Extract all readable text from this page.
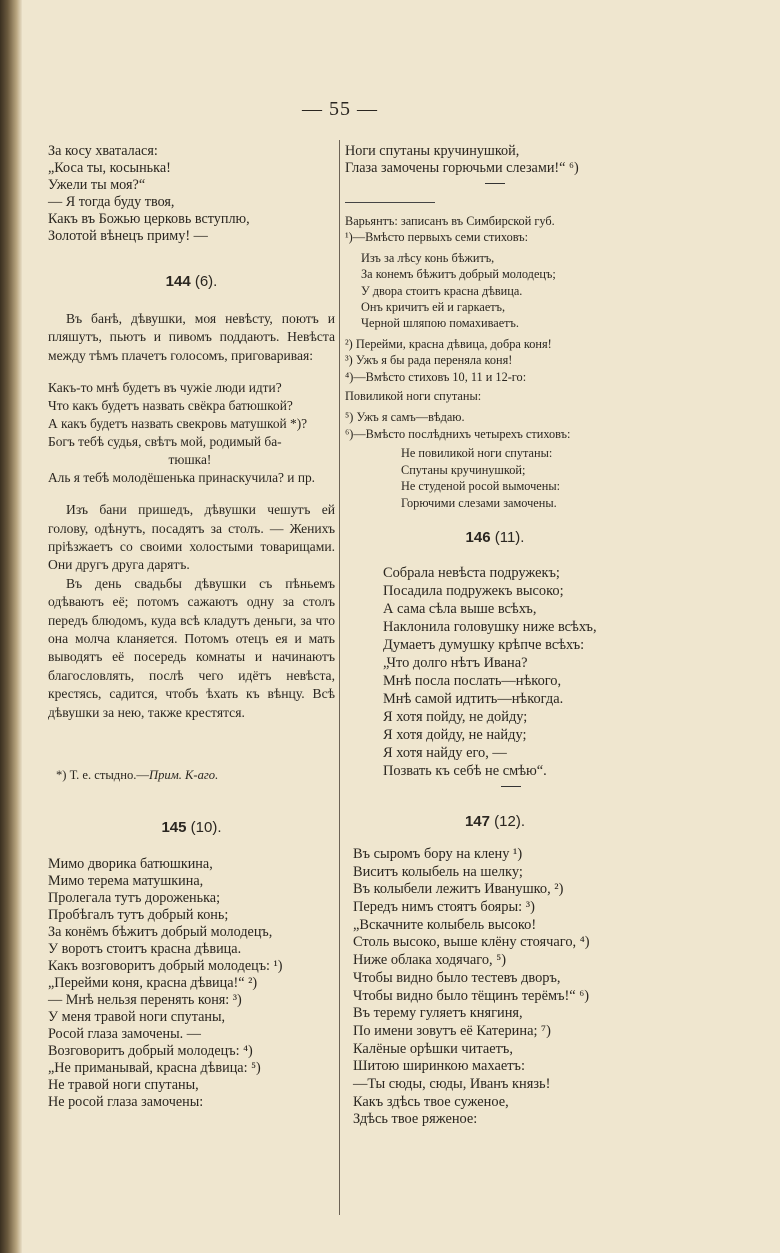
— 55 —
За косу хваталася:
„Коса ты, косынька!
Ужели ты моя?“
— Я тогда буду твоя,
Какъ въ Божью церковь вступлю,
Золотой вѣнецъ приму! —
144 (6).

Въ банѣ, дѣвушки, моя невѣсту, поютъ и пляшутъ, пьютъ и пивомъ поддаютъ. Невѣста между тѣмъ плачетъ голосомъ, приговаривая:

Какъ-то мнѣ будетъ въ чужіе люди идти?
Что какъ будетъ назвать свёкра батюшкой?
А какъ будетъ назвать свекровь матушкой *)?
Богъ тебѣ судья, свѣтъ мой, родимый ба-
тюшка!
Аль я тебѣ молодёшенька принаскучила? и пр.

Изъ бани пришедъ, дѣвушки чешутъ ей голову, одѣнутъ, посадятъ за столъ. — Женихъ пріѣзжаетъ со своими холостыми товарищами. Они другъ друга дарятъ.

Въ день свадьбы дѣвушки съ пѣньемъ одѣваютъ её; потомъ сажаютъ одну за столъ передъ блюдомъ, куда всѣ кладутъ деньги, за что она молча кланяется. Потомъ отецъ ея и мать выводятъ её посередь комнаты и начинаютъ благословлять, послѣ чего идётъ невѣста, крестясь, садится, чтобъ ѣхать къ вѣнцу. Всѣ дѣвушки за нею, также крестятся.

*) Т. е. стыдно.—Прим. К-аго.
145 (10).
Мимо дворика батюшкина,
Мимо терема матушкина,
Пролегала тутъ дороженька;
Пробѣгалъ тутъ добрый конь;
За конёмъ бѣжитъ добрый молодецъ,
У воротъ стоитъ красна дѣвица.
Какъ возговоритъ добрый молодецъ: ¹)
„Перейми коня, красна дѣвица!“ ²)
— Мнѣ нельзя перенять коня: ³)
У меня травой ноги спутаны,
Росой глаза замочены. —
Возговоритъ добрый молодецъ: ⁴)
„Не приманывай, красна дѣвица: ⁵)
Не травой ноги спутаны,
Не росой глаза замочены:
Ноги спутаны кручинушкой,
Глаза замочены горючьми слезами!“ ⁶)

Варьянтъ: записанъ въ Симбирской губ.

¹)—Вмѣсто первыхъ семи стиховъ:

Изъ за лѣсу конь бѣжитъ,
За конемъ бѣжитъ добрый молодецъ;
У двора стоитъ красна дѣвица.
Онъ кричитъ ей и гаркаетъ,
Черной шляпою помахиваетъ.

²) Перейми, красна дѣвица, добра коня!

³) Ужъ я бы рада переняла коня!

⁴)—Вмѣсто стиховъ 10, 11 и 12-го:

Повиликой ноги спутаны:

⁵) Ужъ я самъ—вѣдаю.

⁶)—Вмѣсто послѣднихъ четырехъ стиховъ:

Не повиликой ноги спутаны:
Спутаны кручинушкой;
Не студеной росой вымочены:
Горючими слезами замочены.
146 (11).
Собрала невѣста подружекъ;
Посадила подружекъ высоко;
А сама сѣла выше всѣхъ,
Наклонила головушку ниже всѣхъ,
Думаетъ думушку крѣпче всѣхъ:
„Что долго нѣтъ Ивана?
Мнѣ посла послать—нѣкого,
Мнѣ самой идтить—нѣкогда.
Я хотя пойду, не дойду;
Я хотя дойду, не найду;
Я хотя найду его, —
Позвать къ себѣ не смѣю“.
147 (12).
Въ сыромъ бору на клену ¹)
Виситъ колыбель на шелку;
Въ колыбели лежитъ Иванушко, ²)
Передъ нимъ стоятъ бояры: ³)
„Вскачните колыбель высоко!
Столь высоко, выше клёну стоячаго, ⁴)
Ниже облака ходячаго, ⁵)
Чтобы видно было тестевъ дворъ,
Чтобы видно было тёщинъ терёмъ!“ ⁶)
Въ терему гуляетъ княгиня,
По имени зовутъ её Катерина; ⁷)
Калёные орѣшки читаетъ,
Шитою ширинкою махаетъ:
—Ты сюды, сюды, Иванъ князь!
Какъ здѣсь твое суженое,
Здѣсь твое ряженое:
